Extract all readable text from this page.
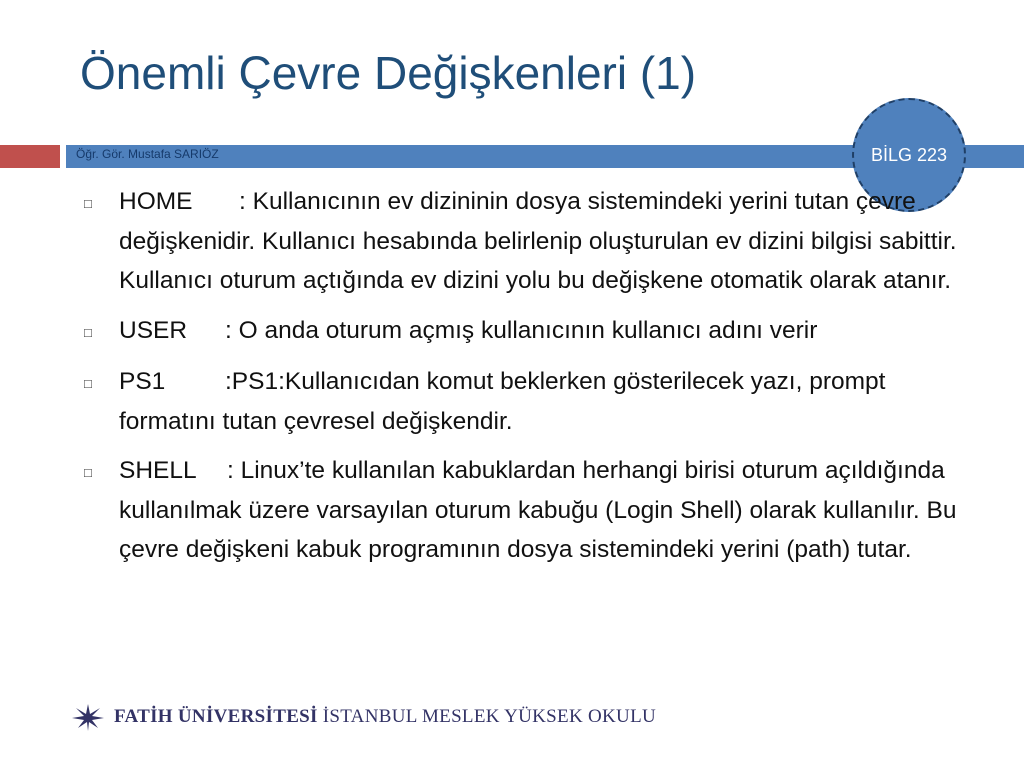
Önemli Çevre Değişkenleri (1)
Öğr. Gör. Mustafa SARIÖZ	BİLG 223
□	HOME : Kullanıcının ev dizininin dosya sistemindeki yerini tutan çevre değişkenidir. Kullanıcı hesabında belirlenip oluşturulan ev dizini bilgisi sabittir. Kullanıcı oturum açtığında ev dizini yolu bu değişkene otomatik olarak atanır.
□	USER : O anda oturum açmış kullanıcının kullanıcı adını verir
□	PS1 :PS1:Kullanıcıdan komut beklerken gösterilecek yazı, prompt formatını tutan çevresel değişkendir.
□	SHELL : Linux’te kullanılan kabuklardan herhangi birisi oturum açıldığında kullanılmak üzere varsayılan oturum kabuğu (Login Shell) olarak kullanılır. Bu çevre değişkeni kabuk programının dosya sistemindeki yerini (path) tutar.
FATİH ÜNİVERSİTESİ İSTANBUL MESLEK YÜKSEK OKULU
